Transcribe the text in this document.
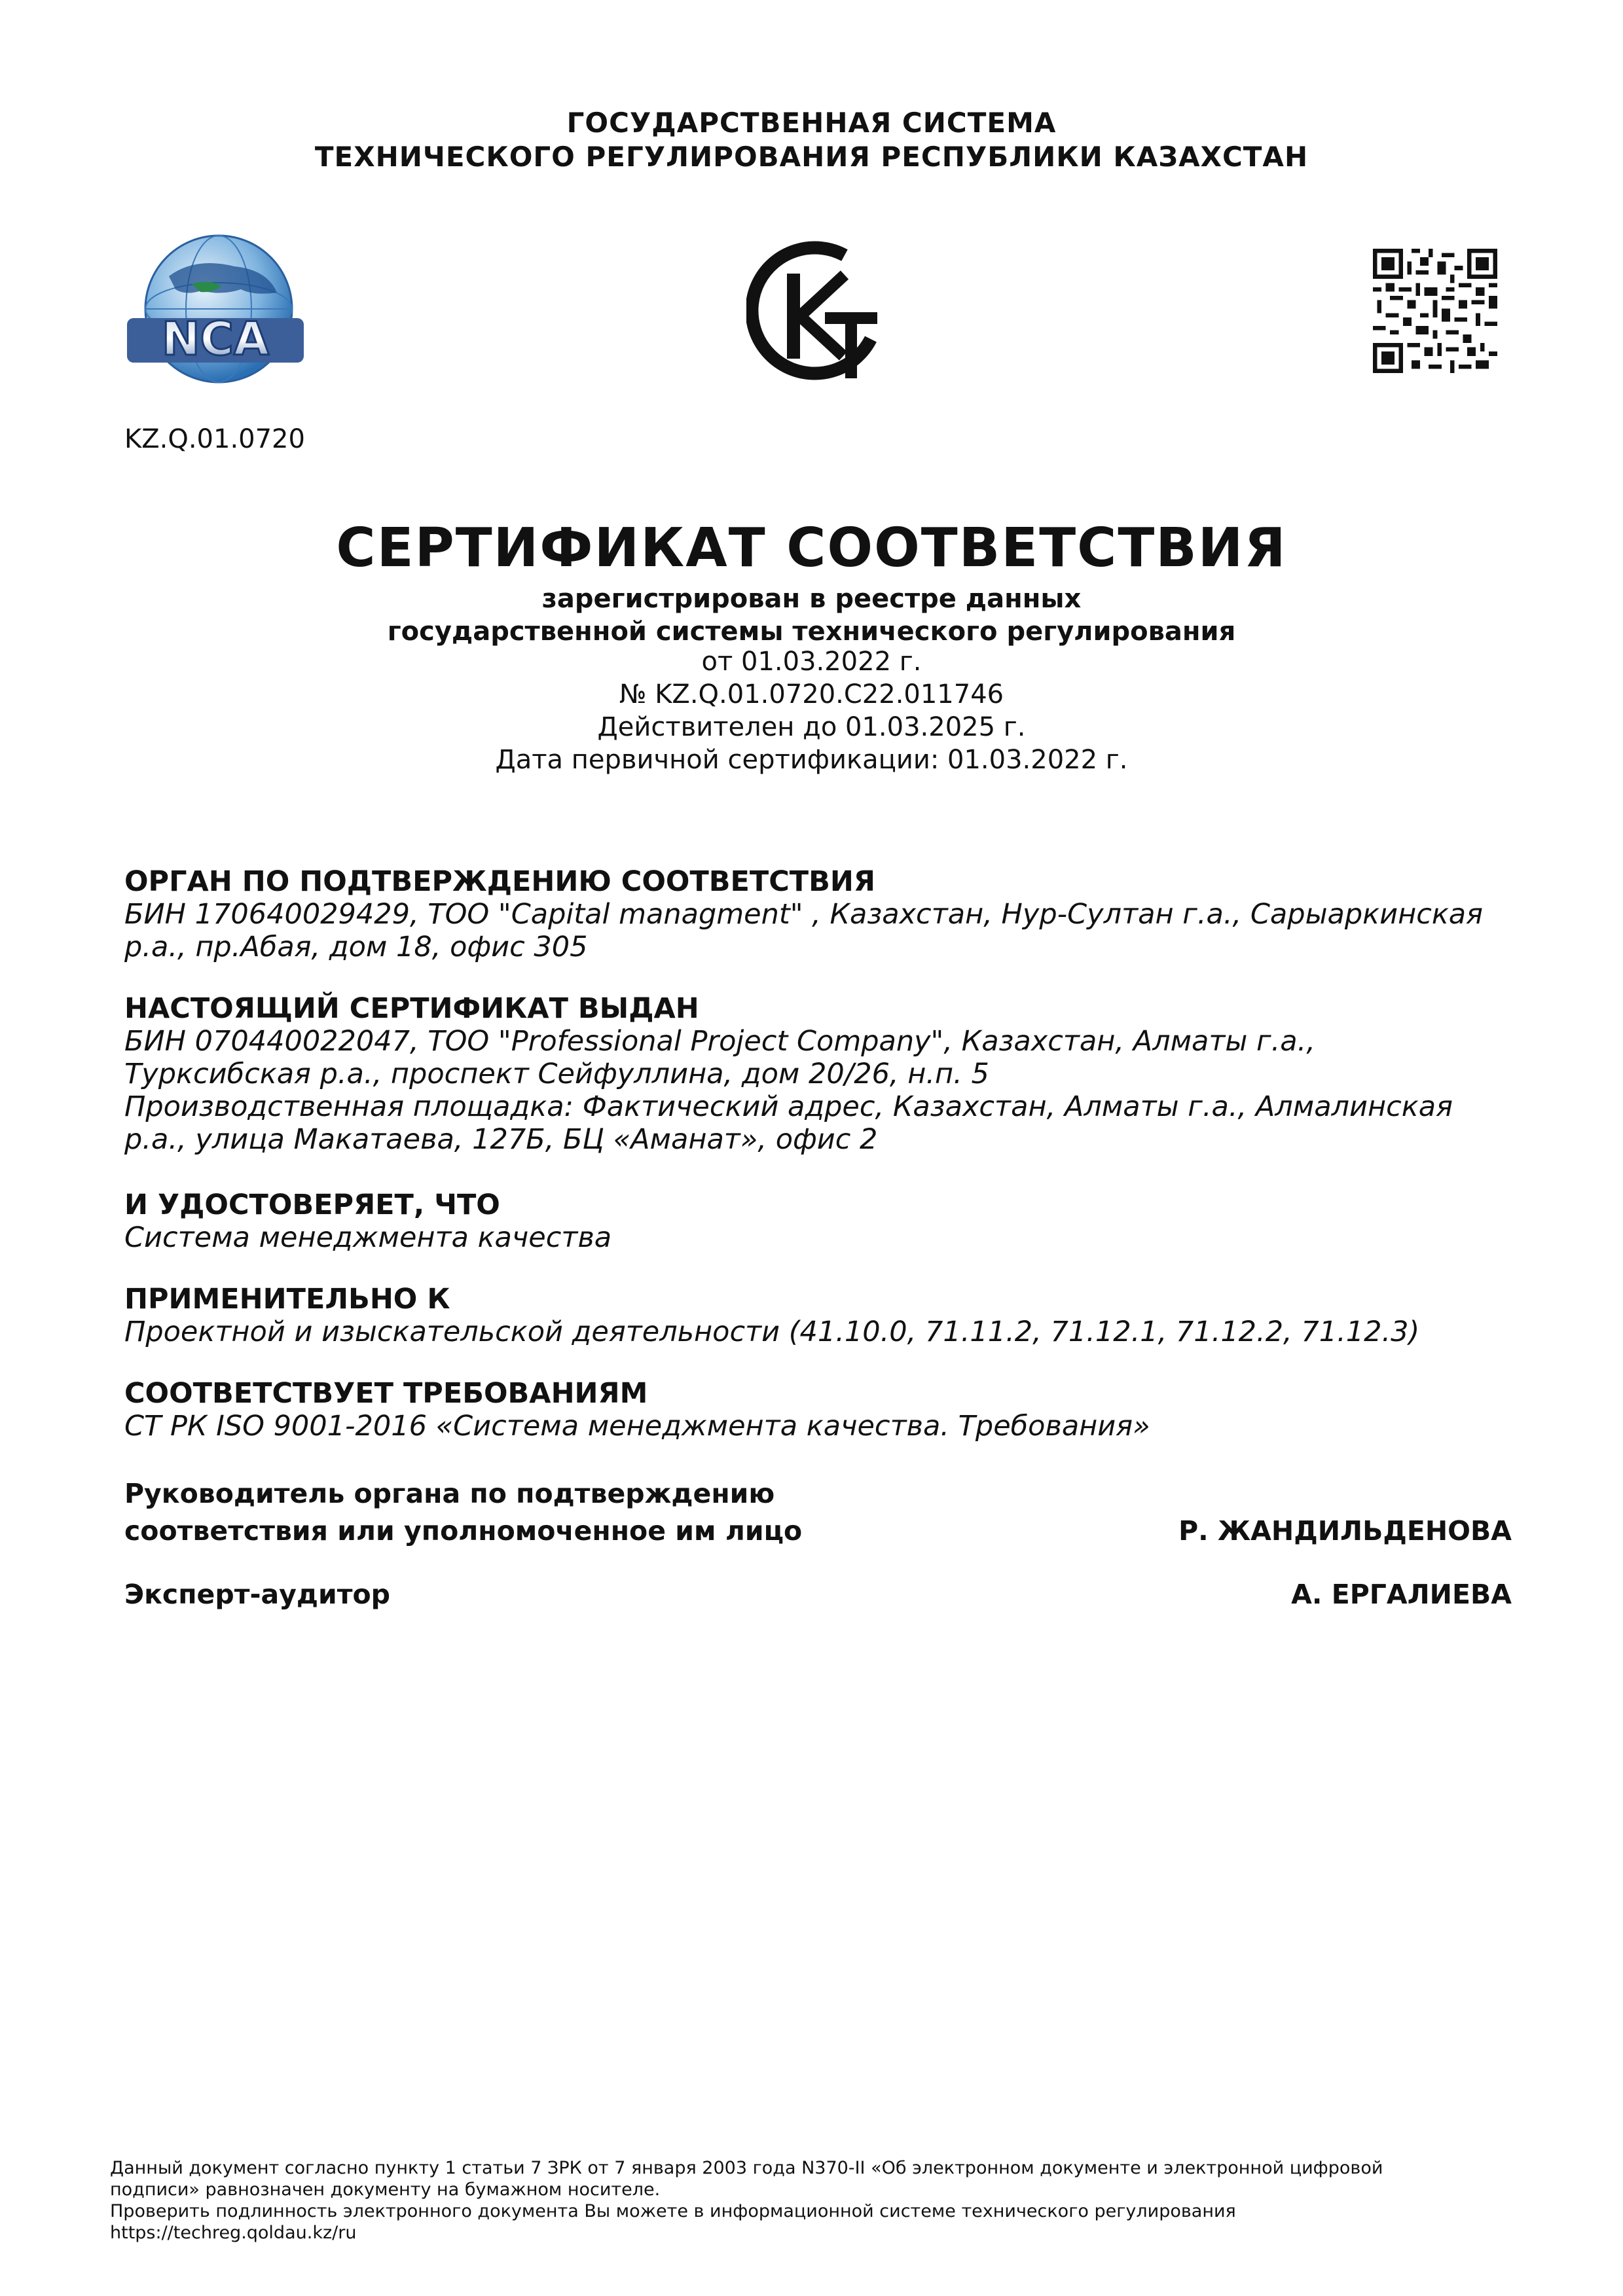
ГОСУДАРСТВЕННАЯ СИСТЕМА
ТЕХНИЧЕСКОГО РЕГУЛИРОВАНИЯ РЕСПУБЛИКИ КАЗАХСТАН
NCA
KZ.Q.01.0720
СЕРТИФИКАТ СООТВЕТСТВИЯ
зарегистрирован в реестре данных
государственной системы технического регулирования
от 01.03.2022 г.
№ KZ.Q.01.0720.C22.011746
Действителен до 01.03.2025 г.
Дата первичной сертификации: 01.03.2022 г.
ОРГАН ПО ПОДТВЕРЖДЕНИЮ СООТВЕТСТВИЯ
БИН 170640029429, ТОО "Capital managment" , Казахстан, Нур-Султан г.а., Сарыаркинская
р.а., пр.Абая, дом 18, офис 305
НАСТОЯЩИЙ СЕРТИФИКАТ ВЫДАН
БИН 070440022047, ТОО "Professional Project Company", Казахстан, Алматы г.а.,
Турксибская р.а., проспект Сейфуллина, дом 20/26, н.п. 5
Производственная площадка: Фактический адрес, Казахстан, Алматы г.а., Алмалинская
р.а., улица Макатаева, 127Б, БЦ «Аманат», офис 2
И УДОСТОВЕРЯЕТ, ЧТО
Система менеджмента качества
ПРИМЕНИТЕЛЬНО К
Проектной и изыскательской деятельности (41.10.0, 71.11.2, 71.12.1, 71.12.2, 71.12.3)
СООТВЕТСТВУЕТ ТРЕБОВАНИЯМ
СТ РК ISO 9001-2016 «Система менеджмента качества. Требования»
Руководитель органа по подтверждению
соответствия или уполномоченное им лицо	Р. ЖАНДИЛЬДЕНОВА
Эксперт-аудитор	А. ЕРГАЛИЕВА
Данный документ согласно пункту 1 статьи 7 ЗРК от 7 января 2003 года N370-II «Об электронном документе и электронной цифровой
подписи» равнозначен документу на бумажном носителе.
Проверить подлинность электронного документа Вы можете в информационной системе технического регулирования
https://techreg.qoldau.kz/ru
